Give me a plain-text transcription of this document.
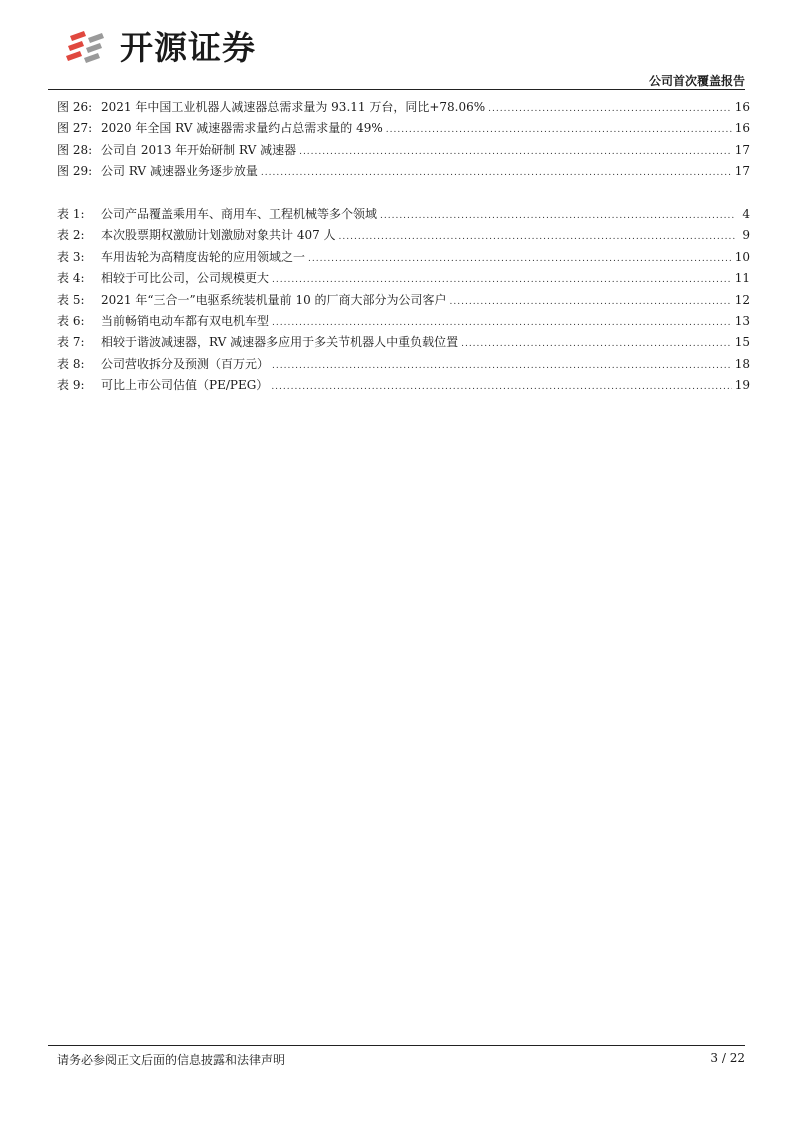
开源证券
公司首次覆盖报告
图 26: 2021 年中国工业机器人减速器总需求量为 93.11 万台，同比+78.06% .....	16
图 27: 2020 年全国 RV 减速器需求量约占总需求量的 49% .....	16
图 28: 公司自 2013 年开始研制 RV 减速器 .....	17
图 29: 公司 RV 减速器业务逐步放量 .....	17
表 1:	公司产品覆盖乘用车、商用车、工程机械等多个领域 .....	4
表 2:	本次股票期权激励计划激励对象共计 407 人 .....	9
表 3:	车用齿轮为高精度齿轮的应用领域之一 .....	10
表 4:	相较于可比公司，公司规模更大 .....	11
表 5:	2021 年“三合一”电驱系统装机量前 10 的厂商大部分为公司客户 .....	12
表 6:	当前畅销电动车都有双电机车型 .....	13
表 7:	相较于谐波减速器，RV 减速器多应用于多关节机器人中重负载位置 .....	15
表 8:	公司营收拆分及预测（百万元） .....	18
表 9:	可比上市公司估值（PE/PEG） .....	19
请务必参阅正文后面的信息披露和法律声明	3 / 22
